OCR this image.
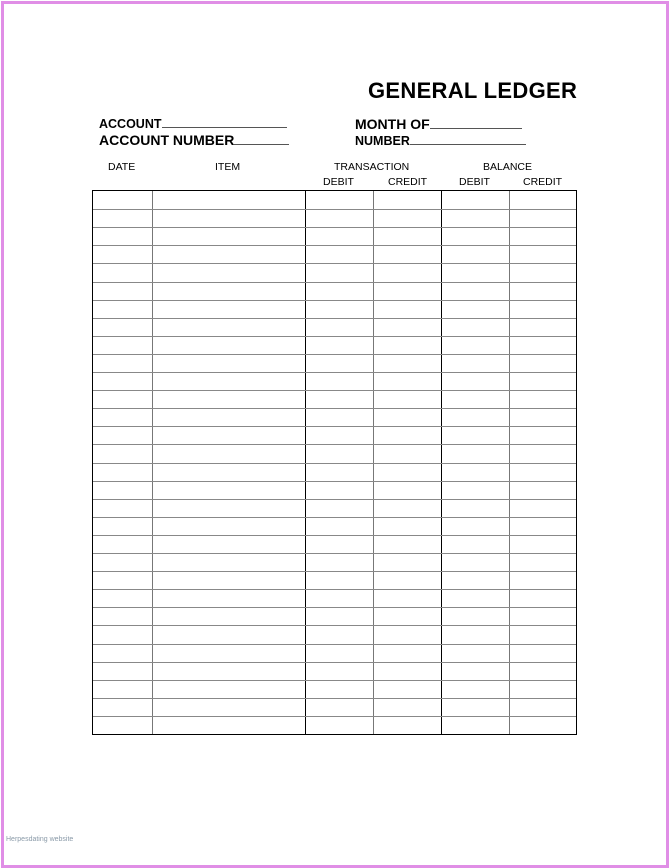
GENERAL LEDGER
ACCOUNT
ACCOUNT NUMBER
MONTH OF
NUMBER
DATE	ITEM	TRANSACTION	BALANCE
DEBIT	CREDIT	DEBIT	CREDIT
Herpesdating website
